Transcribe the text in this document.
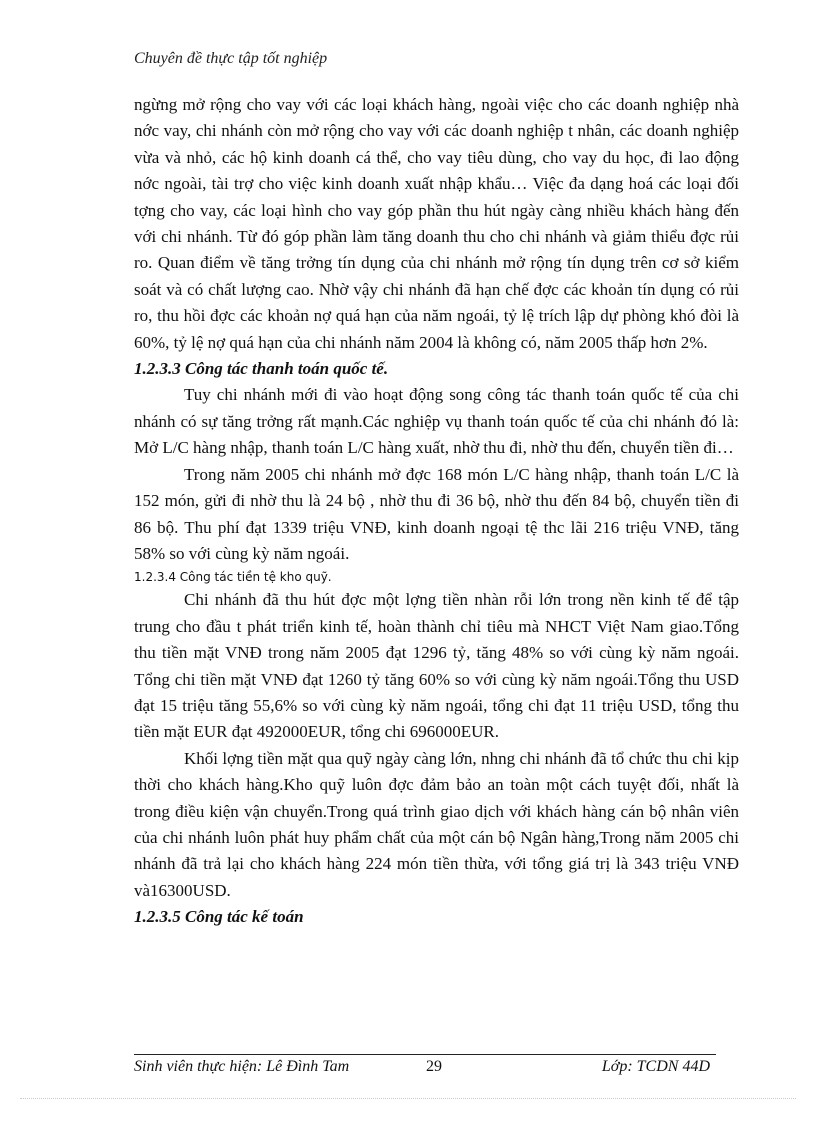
Chuyên đề thực tập tốt nghiệp

ngừng mở rộng cho vay với các loại khách hàng, ngoài việc cho các doanh nghiệp nhà nớc vay, chi nhánh còn mở rộng cho vay với các doanh nghiệp t nhân, các doanh nghiệp vừa và nhỏ, các hộ kinh doanh cá thể, cho vay tiêu dùng, cho vay du học, đi lao động nớc ngoài, tài trợ cho việc kinh doanh xuất nhập khẩu… Việc đa dạng hoá các loại đối tợng cho vay, các loại hình cho vay góp phần thu hút ngày càng nhiều khách hàng đến với chi nhánh. Từ đó góp phần làm tăng doanh thu cho chi nhánh và giảm thiểu đợc rủi ro. Quan điểm về tăng trởng tín dụng của chi nhánh mở rộng tín dụng trên cơ sở kiểm soát và có chất lượng cao. Nhờ vậy chi nhánh đã hạn chế đợc các khoản tín dụng có rủi ro, thu hồi đợc các khoản nợ quá hạn của năm ngoái, tỷ lệ trích lập dự phòng khó đòi là 60%, tỷ lệ nợ quá hạn của chi nhánh năm 2004 là không có, năm 2005 thấp hơn 2%.

1.2.3.3 Công tác thanh toán quốc tế.

Tuy chi nhánh mới đi vào hoạt động song công tác thanh toán quốc tế của chi nhánh có sự tăng trởng rất mạnh.Các nghiệp vụ thanh toán quốc tế của chi nhánh đó là: Mở L/C hàng nhập, thanh toán L/C hàng xuất, nhờ thu đi, nhờ thu đến, chuyển tiền đi…

Trong năm 2005 chi nhánh mở đợc 168 món L/C hàng nhập, thanh toán L/C là 152 món, gửi đi nhờ thu là 24 bộ , nhờ thu đi 36 bộ, nhờ thu đến 84 bộ, chuyển tiền đi 86 bộ. Thu phí đạt 1339 triệu VNĐ, kinh doanh ngoại tệ thc lãi 216 triệu VNĐ, tăng 58% so với cùng kỳ năm ngoái.

1.2.3.4 Công tác tiền tệ kho quỹ.

Chi nhánh đã thu hút đợc một lợng tiền nhàn rỗi lớn trong nền kinh tế để tập trung cho đầu t phát triển kinh tế, hoàn thành chỉ tiêu mà NHCT Việt Nam giao.Tổng thu tiền mặt VNĐ trong năm 2005 đạt 1296 tỷ, tăng 48% so với cùng kỳ năm ngoái. Tổng chi tiền mặt VNĐ đạt 1260 tỷ tăng 60% so với cùng kỳ năm ngoái.Tổng thu USD đạt 15 triệu tăng 55,6% so với cùng kỳ năm ngoái, tổng chi đạt 11 triệu USD, tổng thu tiền mặt EUR đạt 492000EUR, tổng chi 696000EUR.

Khối lợng tiền mặt qua quỹ ngày càng lớn, nhng chi nhánh đã tổ chức thu chi kịp thời cho khách hàng.Kho quỹ luôn đợc đảm bảo an toàn một cách tuyệt đối, nhất là trong điều kiện vận chuyển.Trong quá trình giao dịch với khách hàng cán bộ nhân viên của chi nhánh luôn phát huy phẩm chất của một cán bộ Ngân hàng,Trong năm 2005 chi nhánh đã trả lại cho khách hàng 224 món tiền thừa, với tổng giá trị là 343 triệu VNĐ và16300USD.

1.2.3.5 Công tác kế toán

Sinh viên thực hiện: Lê Đình Tam	29	Lớp: TCDN 44D
